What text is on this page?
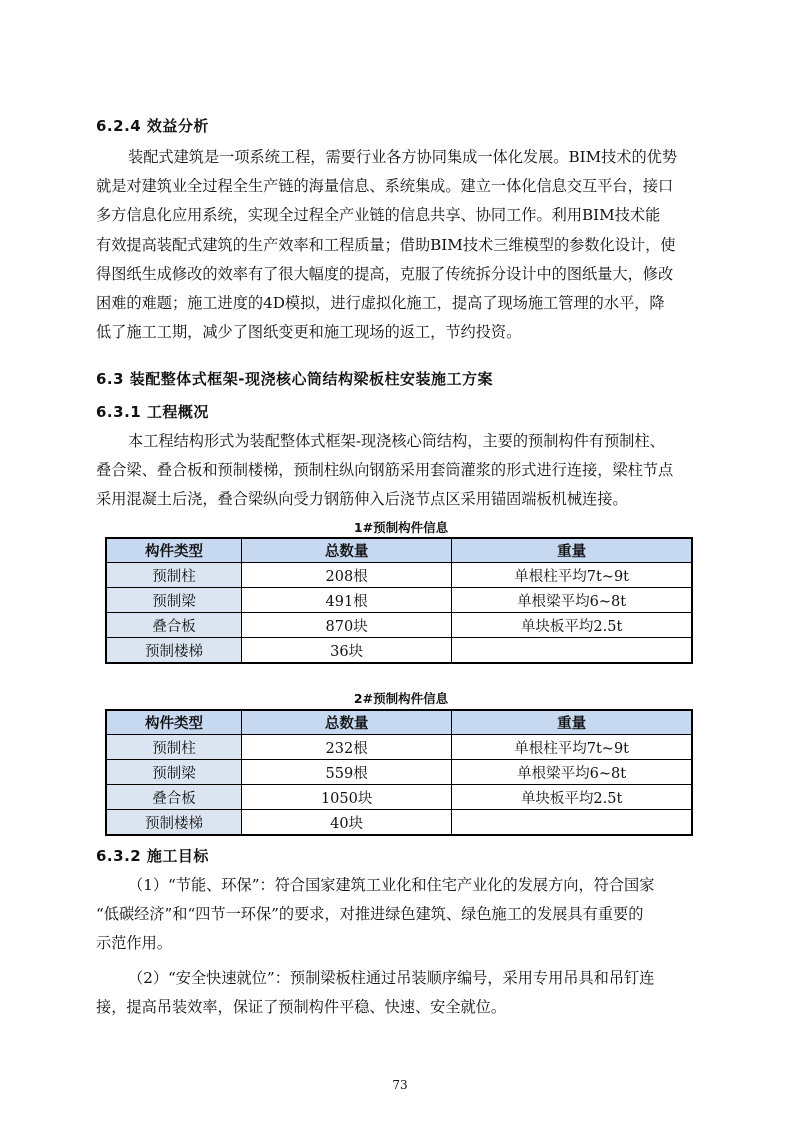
6.2.4 效益分析
装配式建筑是一项系统工程，需要行业各方协同集成一体化发展。BIM技术的优势
就是对建筑业全过程全生产链的海量信息、系统集成。建立一体化信息交互平台，接口
多方信息化应用系统，实现全过程全产业链的信息共享、协同工作。利用BIM技术能
有效提高装配式建筑的生产效率和工程质量；借助BIM技术三维模型的参数化设计，使
得图纸生成修改的效率有了很大幅度的提高，克服了传统拆分设计中的图纸量大，修改
困难的难题；施工进度的4D模拟，进行虚拟化施工，提高了现场施工管理的水平，降
低了施工工期，减少了图纸变更和施工现场的返工，节约投资。
6.3 装配整体式框架-现浇核心筒结构梁板柱安装施工方案
6.3.1 工程概况
本工程结构形式为装配整体式框架-现浇核心筒结构，主要的预制构件有预制柱、
叠合梁、叠合板和预制楼梯，预制柱纵向钢筋采用套筒灌浆的形式进行连接，梁柱节点
采用混凝土后浇，叠合梁纵向受力钢筋伸入后浇节点区采用锚固端板机械连接。
1#预制构件信息
构件类型	总数量	重量
预制柱	208根	单根柱平均7t~9t
预制梁	491根	单根梁平均6~8t
叠合板	870块	单块板平均2.5t
预制楼梯	36块	
2#预制构件信息
构件类型	总数量	重量
预制柱	232根	单根柱平均7t~9t
预制梁	559根	单根梁平均6~8t
叠合板	1050块	单块板平均2.5t
预制楼梯	40块	
6.3.2 施工目标
（1）“节能、环保”：符合国家建筑工业化和住宅产业化的发展方向，符合国家
“低碳经济”和“四节一环保”的要求，对推进绿色建筑、绿色施工的发展具有重要的
示范作用。
（2）“安全快速就位”：预制梁板柱通过吊装顺序编号，采用专用吊具和吊钉连
接，提高吊装效率，保证了预制构件平稳、快速、安全就位。
73
